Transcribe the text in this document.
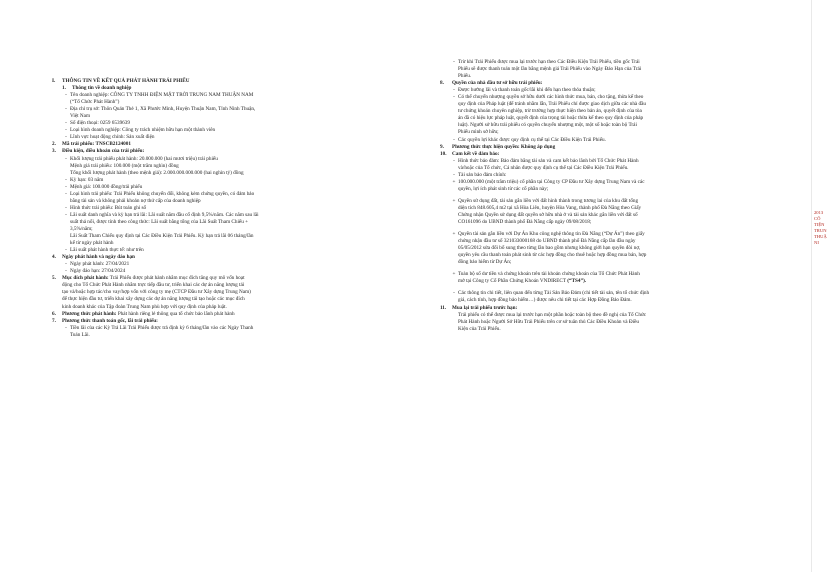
I.	THÔNG TIN VỀ KẾT QUẢ PHÁT HÀNH TRÁI PHIẾU
1.	Thông tin về doanh nghiệp
- Tên doanh nghiệp: CÔNG TY TNHH ĐIỆN MẶT TRỜI TRUNG NAM THUẬN NAM
(“Tổ Chức Phát Hành”)
- Địa chỉ trụ sở: Thôn Quán Thẻ 1, Xã Phước Minh, Huyện Thuận Nam, Tỉnh Ninh Thuận,
Việt Nam
- Số điện thoại: 0259 6539639
- Loại hình doanh nghiệp: Công ty trách nhiệm hữu hạn một thành viên
- Lĩnh vực hoạt động chính: Sản xuất điện
2.	Mã trái phiếu: TNSCB2124001
3.	Điều kiện, điều khoản của trái phiếu:
- Khối lượng trái phiếu phát hành: 20.000.000 (hai mươi triệu) trái phiếu
Mệnh giá trái phiếu: 100.000 (một trăm nghìn) đồng
Tổng khối lượng phát hành (theo mệnh giá): 2.000.000.000.000 (hai nghìn tỷ) đồng
- Kỳ hạn: 03 năm
- Mệnh giá: 100.000 đồng/trái phiếu
- Loại hình trái phiếu: Trái Phiếu không chuyển đổi, không kèm chứng quyền, có đảm bảo
bằng tài sản và không phải khoản nợ thứ cấp của doanh nghiệp
- Hình thức trái phiếu: Bút toán ghi sổ
- Lãi suất danh nghĩa và kỳ hạn trả lãi: Lãi suất năm đầu cố định 9,5%/năm. Các năm sau lãi
suất thả nổi, được tính theo công thức: Lãi suất bằng tổng của Lãi Suất Tham Chiếu +
3,5%/năm;
Lãi Suất Tham Chiếu quy định tại Các Điều Kiện Trái Phiếu. Kỳ hạn trả lãi 06 tháng/lần
kể từ ngày phát hành
- Lãi suất phát hành thực tế: như trên
4.	Ngày phát hành và ngày đáo hạn
- Ngày phát hành: 27/04/2021
- Ngày đáo hạn: 27/04/2024
5.	Mục đích phát hành: Trái Phiếu được phát hành nhằm mục đích tăng quy mô vốn hoạt
động cho Tổ Chức Phát Hành nhằm trực tiếp đầu tư, triển khai các dự án năng lượng tái
tạo và/hoặc hợp tác/cho vay/hợp vốn với công ty mẹ (CTCP Đầu tư Xây dựng Trung Nam)
để thực hiện đầu tư, triển khai xây dựng các dự án năng lượng tái tạo hoặc các mục đích
kinh doanh khác của Tập đoàn Trung Nam phù hợp với quy định của pháp luật.
6.	Phương thức phát hành: Phát hành riêng lẻ thông qua tổ chức bảo lãnh phát hành
7.	Phương thức thanh toán gốc, lãi trái phiếu:
- Tiền lãi của các Kỳ Trả Lãi Trái Phiếu được trả định kỳ 6 tháng/lần vào các Ngày Thanh
Toán Lãi.
- Trừ khi Trái Phiếu được mua lại trước hạn theo Các Điều Kiện Trái Phiếu, tiền gốc Trái
Phiếu sẽ được thanh toán một lần bằng mệnh giá Trái Phiếu vào Ngày Đáo Hạn của Trái
Phiếu.
8.	Quyền của nhà đầu tư sở hữu trái phiếu:
- Được hưởng lãi và thanh toán gốc/lãi khi đến hạn theo thỏa thuận;
- Có thể chuyển nhượng quyền sở hữu dưới các hình thức mua, bán, cho tặng, thừa kế theo
quy định của Pháp luật (để tránh nhầm lẫn, Trái Phiếu chỉ được giao dịch giữa các nhà đầu
tư chứng khoán chuyên nghiệp, trừ trường hợp thực hiện theo bản án, quyết định của tòa
án đã có hiệu lực pháp luật, quyết định của trọng tài hoặc thừa kế theo quy định của pháp
luật). Người sở hữu trái phiếu có quyền chuyển nhượng một, một số hoặc toàn bộ Trái
Phiếu mình sở hữu;
- Các quyền lợi khác được quy định cụ thể tại Các Điều Kiện Trái Phiếu.
9.	Phương thức thực hiện quyền: Không áp dụng
10.	Cam kết về đảm bảo:
- Hình thức bảo đảm: Bảo đảm bằng tài sản và cam kết bảo lãnh bởi Tổ Chức Phát Hành
và/hoặc của Tổ chức, Cá nhân được quy định cụ thể tại Các Điều Kiện Trái Phiếu.
- Tài sản bảo đảm chính:
+ 100.000.000 (một trăm triệu) cổ phần tại Công ty CP Đầu tư Xây dựng Trung Nam và các
quyền, lợi ích phát sinh từ các cổ phần này;
+ Quyền sử dụng đất, tài sản gắn liền với đất hình thành trong tương lai của khu đất tổng
diện tích 848.605,4 m2 tại xã Hòa Liên, huyện Hòa Vang, thành phố Đà Nẵng theo Giấy
Chứng nhận Quyền sử dụng đất quyền sở hữu nhà ở và tài sản khác gắn liền với đất số
CO161096 do UBND thành phố Đà Nẵng cấp ngày 09/08/2018;
+ Quyền tài sản gắn liền với Dự Án Khu công nghệ thông tin Đà Nẵng (“Dự Án”) theo giấy
chứng nhận đầu tư số 321033000168 do UBND thành phố Đà Nẵng cấp lần đầu ngày
05/05/2012 sửa đổi bổ sung theo từng lần bao gồm nhưng không giới hạn quyền đòi nợ,
quyền yêu cầu thanh toán phát sinh từ các hợp đồng cho thuê hoặc hợp đồng mua bán, hợp
đồng bảo hiểm từ Dự Án;
+ Toàn bộ số dư tiền và chứng khoán trên tài khoản chứng khoán của Tổ Chức Phát Hành
mở tại Công ty Cổ Phần Chứng Khoán VNDIRECT (“TS4”).
- Các thông tin chi tiết, liên quan đến từng Tài Sản Bảo Đảm (chi tiết tài sản, tên tổ chức định
giá, cách tính, hợp đồng bảo hiểm…) được nêu chi tiết tại các Hợp Đồng Bảo Đảm.
11.	Mua lại trái phiếu trước hạn:
Trái phiếu có thể được mua lại trước hạn một phần hoặc toàn bộ theo đề nghị của Tổ Chức
Phát Hành hoặc Người Sở Hữu Trái Phiếu trên cơ sở tuân thủ Các Điều Khoản và Điều
Kiện của Trái Phiếu.
2013
CÔ
TIỆN
TRUN
THUẬ
NI
